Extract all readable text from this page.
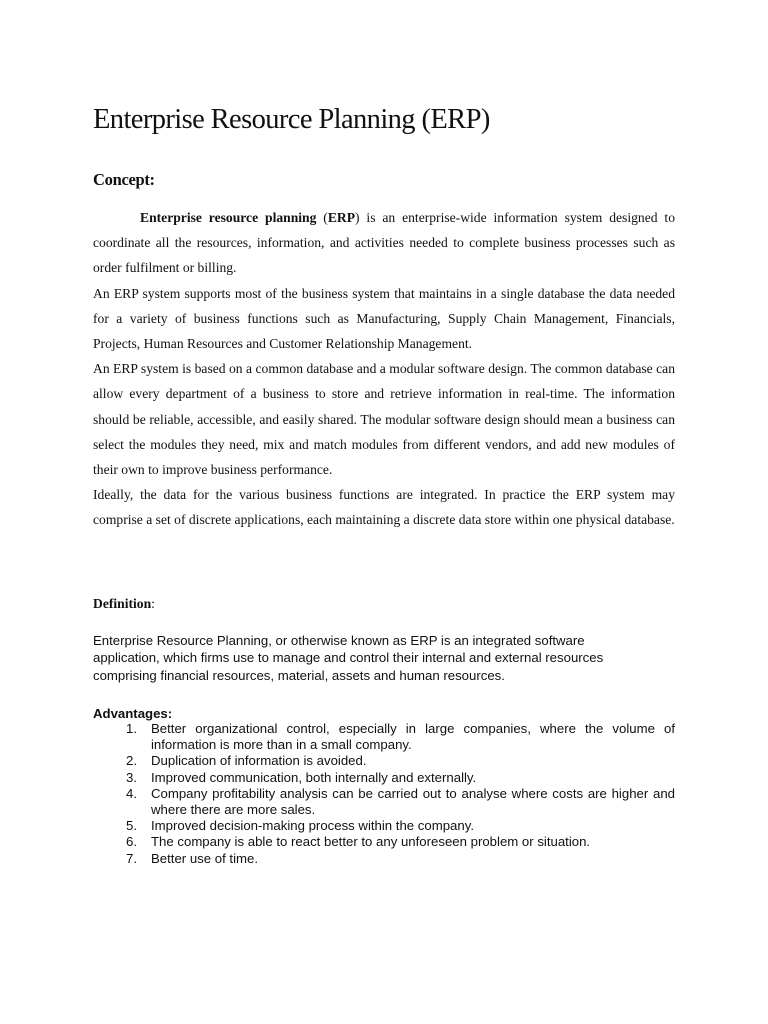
Enterprise Resource Planning (ERP)
Concept:

Enterprise resource planning (ERP) is an enterprise-wide information system designed to coordinate all the resources, information, and activities needed to complete business processes such as order fulfilment or billing.

An ERP system supports most of the business system that maintains in a single database the data needed for a variety of business functions such as Manufacturing, Supply Chain Management, Financials, Projects, Human Resources and Customer Relationship Management.

An ERP system is based on a common database and a modular software design. The common database can allow every department of a business to store and retrieve information in real-time. The information should be reliable, accessible, and easily shared. The modular software design should mean a business can select the modules they need, mix and match modules from different vendors, and add new modules of their own to improve business performance.

Ideally, the data for the various business functions are integrated. In practice the ERP system may comprise a set of discrete applications, each maintaining a discrete data store within one physical database.

Definition:

Enterprise Resource Planning, or otherwise known as ERP is an integrated software application, which firms use to manage and control their internal and external resources comprising financial resources, material, assets and human resources.

Advantages:
1. Better organizational control, especially in large companies, where the volume of information is more than in a small company.
2. Duplication of information is avoided.
3. Improved communication, both internally and externally.
4. Company profitability analysis can be carried out to analyse where costs are higher and where there are more sales.
5. Improved decision-making process within the company.
6. The company is able to react better to any unforeseen problem or situation.
7. Better use of time.
